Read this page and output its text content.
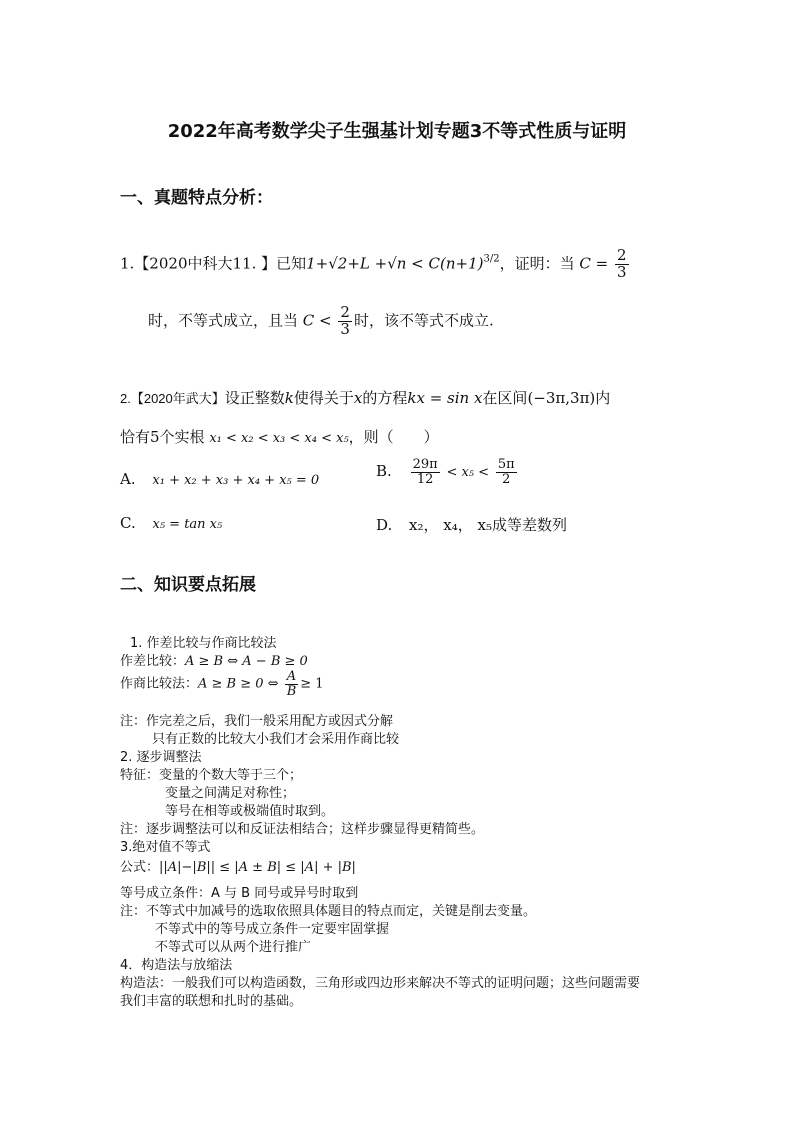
2022年高考数学尖子生强基计划专题3不等式性质与证明
一、真题特点分析：
1.【2020中科大11. 】已知$1+√2+L +√n < C(n+1)^{3/2}$，证明：当 $C = \frac{2}{3}$
时，不等式成立，且当 $C < \frac{2}{3}$ 时，该不等式不成立.
2.【2020年武大】设正整数k使得关于x的方程kx = sin x在区间(−3π,3π)内
恰有5个实根 x₁ < x₂ < x₃ < x₄ < x₅，则（　　）
A. x₁ + x₂ + x₃ + x₄ + x₅ = 0
B. $\frac{29\pi}{12} < x_5 < \frac{5\pi}{2}$
C. x₅ = tan x₅	D. x₂， x₄， x₅成等差数列
二、知识要点拓展
1. 作差比较与作商比较法
作差比较：A ≥ B ⇔ A − B ≥ 0
作商比较法：A ≥ B ≥ 0 ⇔ $\frac{A}{B} \ge 1$
注：作完差之后，我们一般采用配方或因式分解
只有正数的比较大小我们才会采用作商比较
2. 逐步调整法
特征：变量的个数大等于三个；
变量之间满足对称性；
等号在相等或极端值时取到。
注：逐步调整法可以和反证法相结合；这样步骤显得更精简些。
3.绝对值不等式
公式：||A|−|B|| ≤ |A ± B| ≤ |A| + |B|
等号成立条件：A 与 B 同号或异号时取到
注：不等式中加减号的选取依照具体题目的特点而定，关键是削去变量。
不等式中的等号成立条件一定要牢固掌握
不等式可以从两个进行推广
4．构造法与放缩法
构造法：一般我们可以构造函数，三角形或四边形来解决不等式的证明问题；这些问题需要
我们丰富的联想和扎时的基础。
